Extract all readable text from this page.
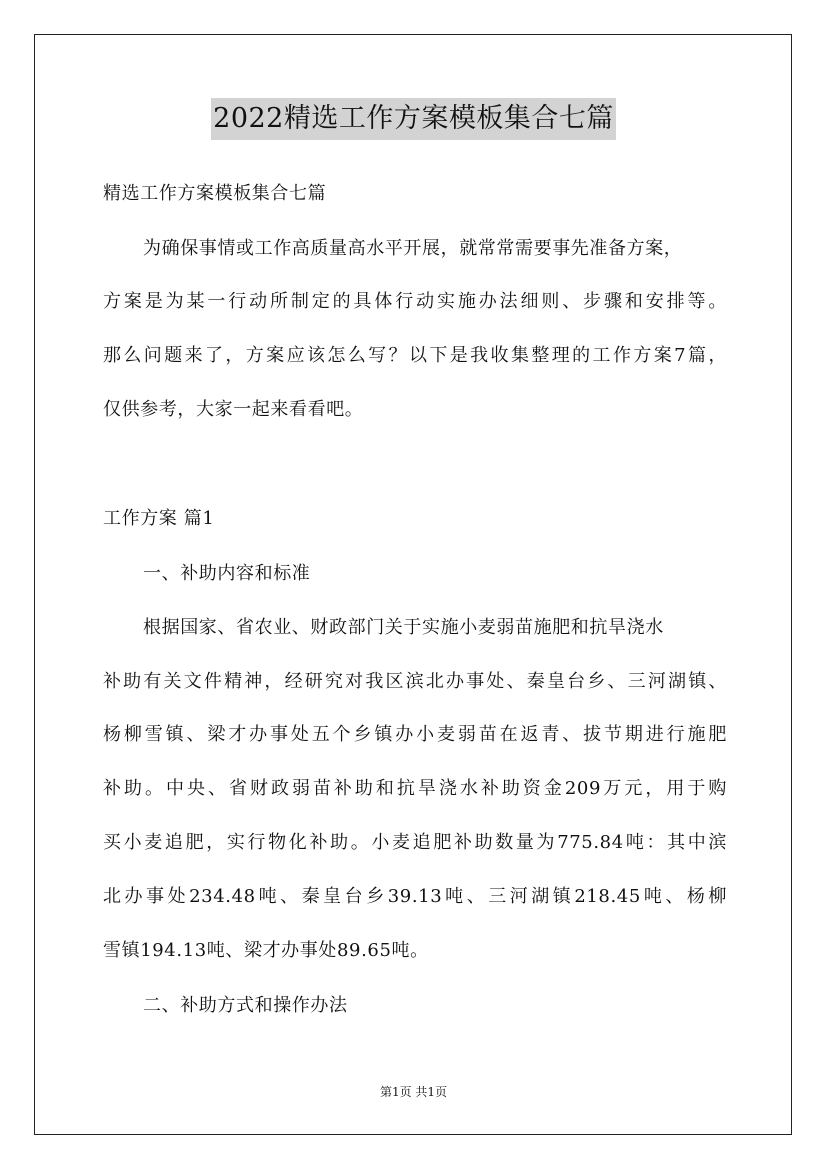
2022精选工作方案模板集合七篇
精选工作方案模板集合七篇
为确保事情或工作高质量高水平开展，就常常需要事先准备方案，
方案是为某一行动所制定的具体行动实施办法细则、步骤和安排等。
那么问题来了，方案应该怎么写？以下是我收集整理的工作方案7篇，
仅供参考，大家一起来看看吧。
工作方案 篇1
一、补助内容和标准
根据国家、省农业、财政部门关于实施小麦弱苗施肥和抗旱浇水
补助有关文件精神，经研究对我区滨北办事处、秦皇台乡、三河湖镇、
杨柳雪镇、梁才办事处五个乡镇办小麦弱苗在返青、拔节期进行施肥
补助。中央、省财政弱苗补助和抗旱浇水补助资金209万元，用于购
买小麦追肥，实行物化补助。小麦追肥补助数量为775.84吨：其中滨
北办事处234.48吨、秦皇台乡39.13吨、三河湖镇218.45吨、杨柳
雪镇194.13吨、梁才办事处89.65吨。
二、补助方式和操作办法
第1页 共1页
